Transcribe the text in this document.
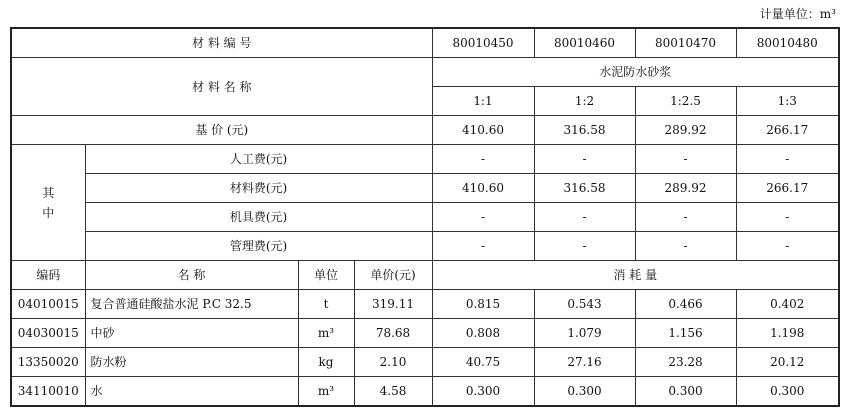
计量单位：m³
材 料 编 号				80010450	80010460	80010470	80010480
材 料 名 称				水泥防水砂浆			
				1:1	1:2	1:2.5	1:3
基 价 (元)				410.60	316.58	289.92	266.17

其
中	人工费(元)			-	-	-	-
	材料费(元)			410.60	316.58	289.92	266.17
	机具费(元)			-	-	-	-
	管理费(元)			-	-	-	-
编码	名 称	单位	单价(元)	消 耗 量			
04010015	复合普通硅酸盐水泥 P.C 32.5	t	319.11	0.815	0.543	0.466	0.402
04030015	中砂	m³	78.68	0.808	1.079	1.156	1.198
13350020	防水粉	kg	2.10	40.75	27.16	23.28	20.12
34110010	水	m³	4.58	0.300	0.300	0.300	0.300
